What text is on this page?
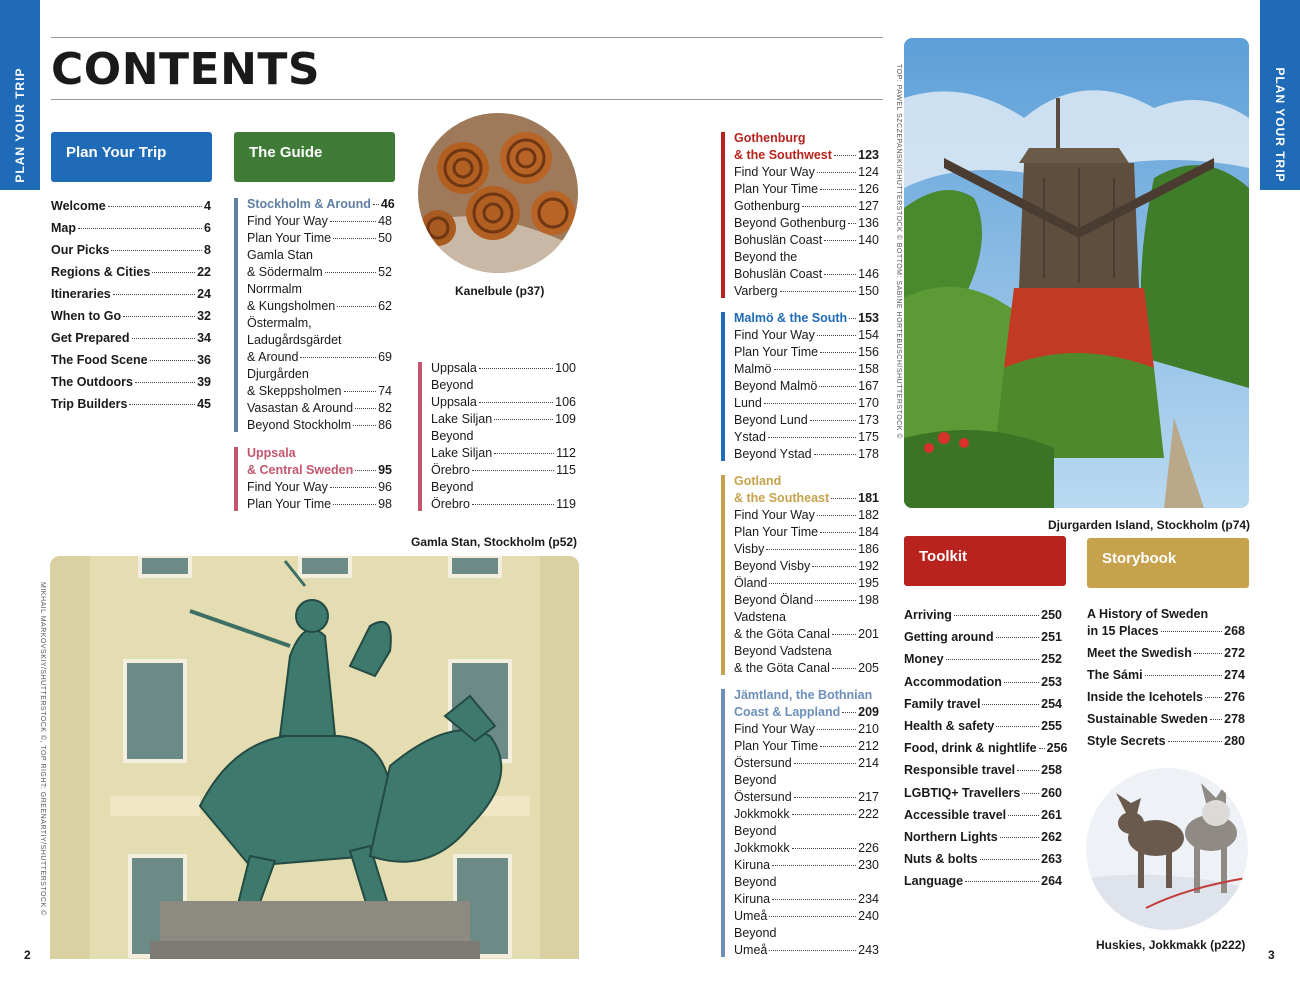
PLAN YOUR TRIP	PLAN YOUR TRIP
CONTENTS
Plan Your Trip
Welcome	4
Map	6
Our Picks	8
Regions & Cities	22
Itineraries	24
When to Go	32
Get Prepared	34
The Food Scene	36
The Outdoors	39
Trip Builders	45
The Guide
Stockholm & Around 46
Find Your Way	48
Plan Your Time	50
Gamla Stan
& Södermalm	52
Norrmalm
& Kungsholmen	62
Östermalm,
Ladugårdsgärdet
& Around	69
Djurgården
& Skeppsholmen	74
Vasastan & Around 82
Beyond Stockholm 86
Uppsala
& Central Sweden 95
Find Your Way	96
Plan Your Time	98
Uppsala	100
Beyond
Uppsala	106
Lake Siljan	109
Beyond
Lake Siljan	112
Örebro	115
Beyond
Örebro	119
Kanelbule (p37)
Gamla Stan, Stockholm (p52)
MIKHAIL MARKOVSKIY/SHUTTERSTOCK ©, TOP RIGHT: GREENARTIY/SHUTTERSTOCK ©
2
Gothenburg
& the Southwest 123
Find Your Way	124
Plan Your Time	126
Gothenburg	127
Beyond Gothenburg 136
Bohuslän Coast	140
Beyond the
Bohuslän Coast	146
Varberg	150
Malmö & the South 153
Find Your Way	154
Plan Your Time	156
Malmö	158
Beyond Malmö	167
Lund	170
Beyond Lund	173
Ystad	175
Beyond Ystad	178
Gotland
& the Southeast 181
Find Your Way	182
Plan Your Time	184
Visby	186
Beyond Visby	192
Öland	195
Beyond Öland	198
Vadstena
& the Göta Canal 201
Beyond Vadstena
& the Göta Canal 205
Jämtland, the Bothnian
Coast & Lappland 209
Find Your Way	210
Plan Your Time	212
Östersund	214
Beyond
Östersund	217
Jokkmokk	222
Beyond
Jokkmokk	226
Kiruna	230
Beyond
Kiruna	234
Umeå	240
Beyond
Umeå	243
TOP: PAWEL SZCZEPANSKI/SHUTTERSTOCK © BOTTOM: SABINE HORTEBUSCH/SHUTTERSTOCK ©
Djurgarden Island, Stockholm (p74)
Toolkit
Arriving	250
Getting around	251
Money	252
Accommodation	253
Family travel	254
Health & safety	255
Food, drink & nightlife 256
Responsible travel 258
LGBTIQ+ Travellers 260
Accessible travel	261
Northern Lights	262
Nuts & bolts	263
Language	264
Storybook
A History of Sweden
in 15 Places	268
Meet the Swedish	272
The Sámi	274
Inside the Icehotels 276
Sustainable Sweden 278
Style Secrets	280
Huskies, Jokkmakk (p222)
3
